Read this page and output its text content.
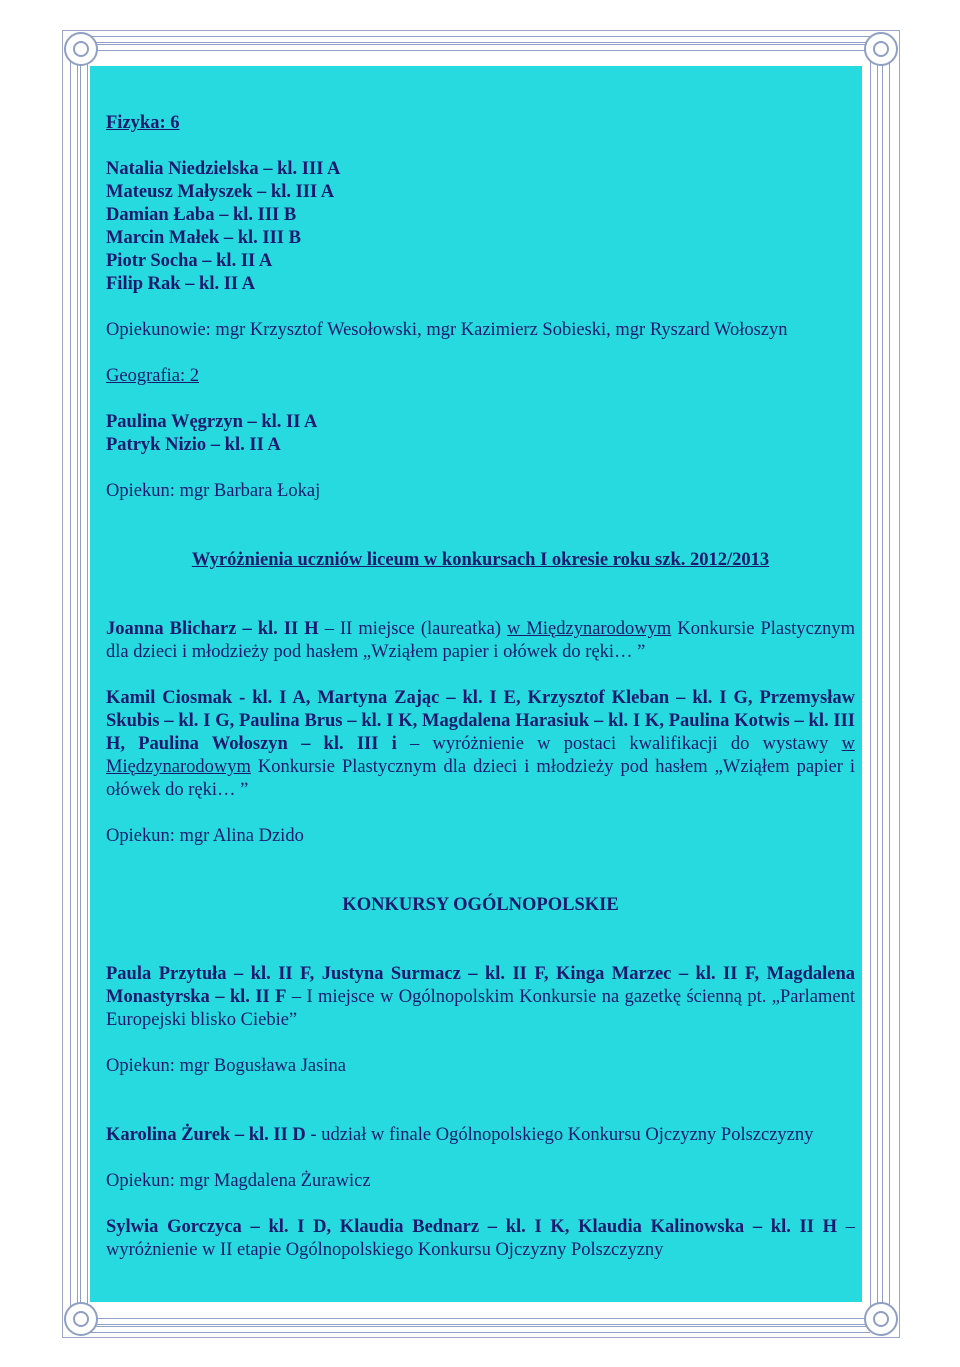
Fizyka: 6

Natalia Niedzielska – kl. III A

Mateusz Małyszek – kl. III A

Damian Łaba – kl. III B

Marcin Małek – kl. III B

Piotr Socha – kl. II A

Filip Rak – kl. II A

Opiekunowie: mgr Krzysztof Wesołowski, mgr Kazimierz Sobieski, mgr Ryszard Wołoszyn

Geografia: 2

Paulina Węgrzyn – kl. II A

Patryk Nizio – kl. II A

Opiekun: mgr Barbara Łokaj

Wyróżnienia uczniów liceum w konkursach I okresie roku szk. 2012/2013

Joanna Blicharz – kl. II H – II miejsce (laureatka) w Międzynarodowym Konkursie Plastycznym dla dzieci i młodzieży pod hasłem „Wziąłem papier i ołówek do ręki… ”

Kamil Ciosmak - kl. I A, Martyna Zając – kl. I E, Krzysztof Kleban – kl. I G, Przemysław Skubis – kl. I G, Paulina Brus – kl. I K, Magdalena Harasiuk – kl. I K, Paulina Kotwis – kl. III H, Paulina Wołoszyn – kl. III i – wyróżnienie w postaci kwalifikacji do wystawy w Międzynarodowym Konkursie Plastycznym dla dzieci i młodzieży pod hasłem „Wziąłem papier i ołówek do ręki… ”

Opiekun: mgr Alina Dzido

KONKURSY OGÓLNOPOLSKIE

Paula Przytuła – kl. II F, Justyna Surmacz – kl. II F, Kinga Marzec – kl. II F, Magdalena Monastyrska – kl. II F – I miejsce w Ogólnopolskim Konkursie na gazetkę ścienną pt. „Parlament Europejski blisko Ciebie”

Opiekun: mgr Bogusława Jasina

Karolina Żurek – kl. II D - udział w finale Ogólnopolskiego Konkursu Ojczyzny Polszczyzny

Opiekun: mgr Magdalena Żurawicz

Sylwia Gorczyca – kl. I D, Klaudia Bednarz – kl. I K, Klaudia Kalinowska – kl. II H – wyróżnienie w II etapie Ogólnopolskiego Konkursu Ojczyzny Polszczyzny
